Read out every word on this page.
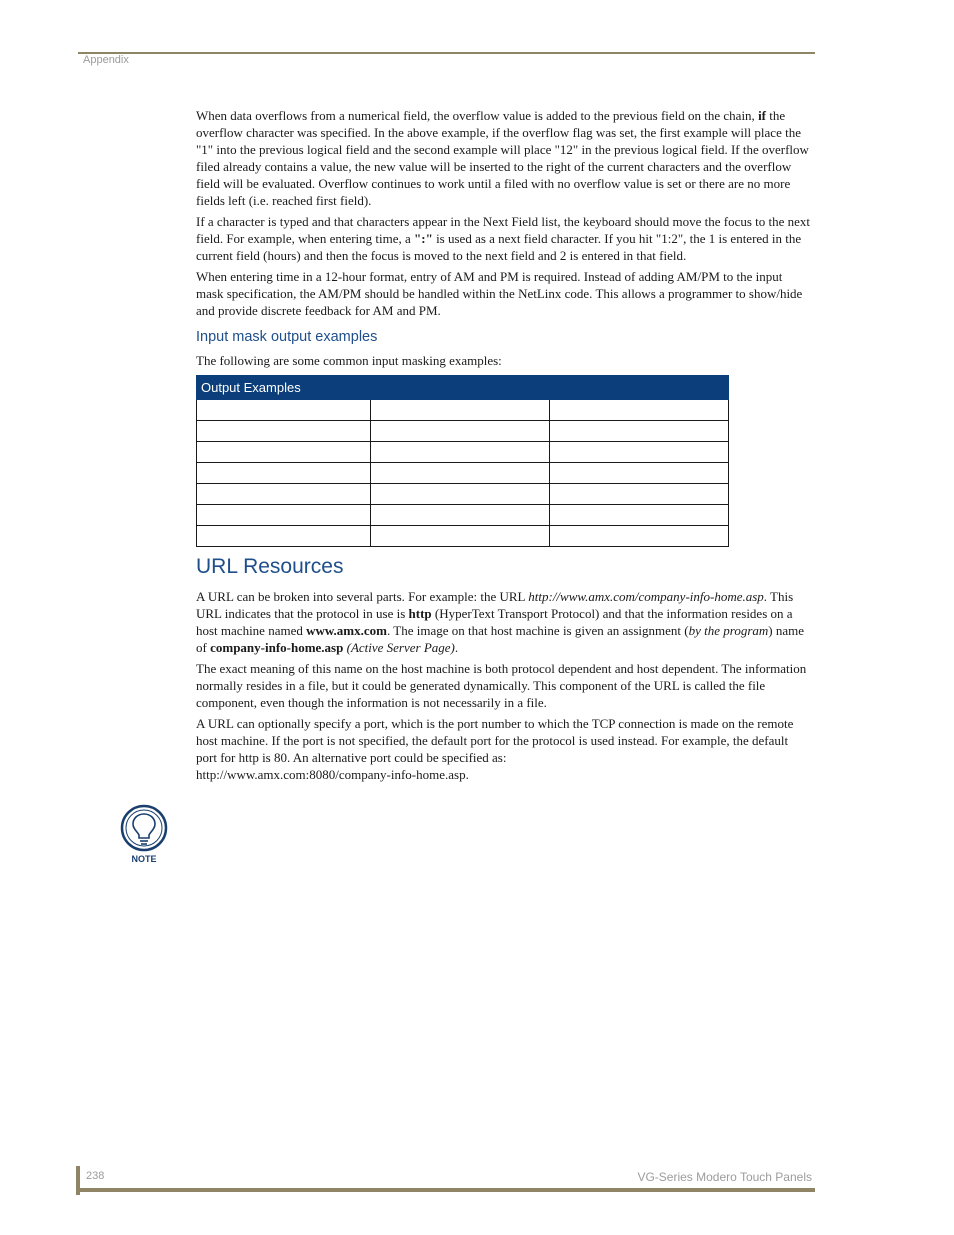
Appendix

When data overflows from a numerical field, the overflow value is added to the previous field on the chain, if the overflow character was specified. In the above example, if the overflow flag was set, the first example will place the "1" into the previous logical field and the second example will place "12" in the previous logical field. If the overflow filed already contains a value, the new value will be inserted to the right of the current characters and the overflow field will be evaluated. Overflow continues to work until a filed with no overflow value is set or there are no more fields left (i.e. reached first field).

If a character is typed and that characters appear in the Next Field list, the keyboard should move the focus to the next field. For example, when entering time, a ":" is used as a next field character. If you hit "1:2", the 1 is entered in the current field (hours) and then the focus is moved to the next field and 2 is entered in that field.

When entering time in a 12-hour format, entry of AM and PM is required. Instead of adding AM/PM to the input mask specification, the AM/PM should be handled within the NetLinx code. This allows a programmer to show/hide and provide discrete feedback for AM and PM.

Input mask output examples

The following are some common input masking examples:

Output Examples		

URL Resources

A URL can be broken into several parts. For example: the URL http://www.amx.com/company-info-home.asp. This URL indicates that the protocol in use is http (HyperText Transport Protocol) and that the information resides on a host machine named www.amx.com. The image on that host machine is given an assignment (by the program) name of company-info-home.asp (Active Server Page).

The exact meaning of this name on the host machine is both protocol dependent and host dependent. The information normally resides in a file, but it could be generated dynamically. This component of the URL is called the file component, even though the information is not necessarily in a file.

A URL can optionally specify a port, which is the port number to which the TCP connection is made on the remote host machine. If the port is not specified, the default port for the protocol is used instead. For example, the default port for http is 80. An alternative port could be specified as:
http://www.amx.com:8080/company-info-home.asp.

NOTE
238	VG-Series Modero Touch Panels
